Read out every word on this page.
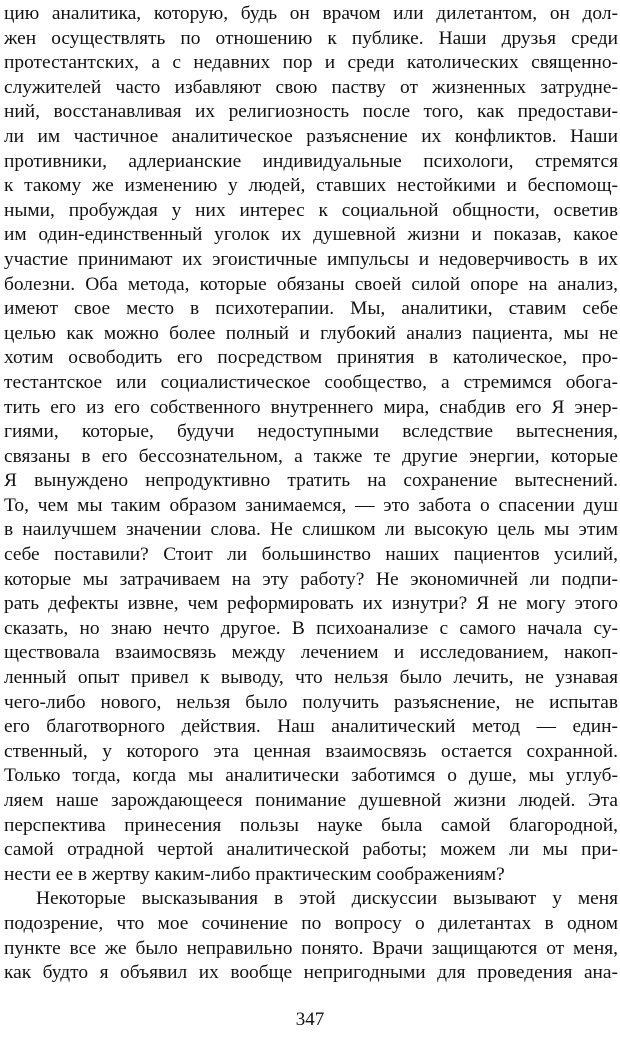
цию аналитика, которую, будь он врачом или дилетантом, он дол-
жен осуществлять по отношению к публике. Наши друзья среди
протестантских, а с недавних пор и среди католических священно-
служителей часто избавляют свою паству от жизненных затрудне-
ний, восстанавливая их религиозность после того, как предостави-
ли им частичное аналитическое разъяснение их конфликтов. Наши
противники, адлерианские индивидуальные психологи, стремятся
к такому же изменению у людей, ставших нестойкими и беспомощ-
ными, пробуждая у них интерес к социальной общности, осветив
им один-единственный уголок их душевной жизни и показав, какое
участие принимают их эгоистичные импульсы и недоверчивость в их
болезни. Оба метода, которые обязаны своей силой опоре на анализ,
имеют свое место в психотерапии. Мы, аналитики, ставим себе
целью как можно более полный и глубокий анализ пациента, мы не
хотим освободить его посредством принятия в католическое, про-
тестантское или социалистическое сообщество, а стремимся обога-
тить его из его собственного внутреннего мира, снабдив его Я энер-
гиями, которые, будучи недоступными вследствие вытеснения,
связаны в его бессознательном, а также те другие энергии, которые
Я вынуждено непродуктивно тратить на сохранение вытеснений.
То, чем мы таким образом занимаемся, — это забота о спасении душ
в наилучшем значении слова. Не слишком ли высокую цель мы этим
себе поставили? Стоит ли большинство наших пациентов усилий,
которые мы затрачиваем на эту работу? Не экономичней ли подпи-
рать дефекты извне, чем реформировать их изнутри? Я не могу этого
сказать, но знаю нечто другое. В психоанализе с самого начала су-
ществовала взаимосвязь между лечением и исследованием, накоп-
ленный опыт привел к выводу, что нельзя было лечить, не узнавая
чего-либо нового, нельзя было получить разъяснение, не испытав
его благотворного действия. Наш аналитический метод — един-
ственный, у которого эта ценная взаимосвязь остается сохранной.
Только тогда, когда мы аналитически заботимся о душе, мы углуб-
ляем наше зарождающееся понимание душевной жизни людей. Эта
перспектива принесения пользы науке была самой благородной,
самой отрадной чертой аналитической работы; можем ли мы при-
нести ее в жертву каким-либо практическим соображениям?
Некоторые высказывания в этой дискуссии вызывают у меня
подозрение, что мое сочинение по вопросу о дилетантах в одном
пункте все же было неправильно понято. Врачи защищаются от меня,
как будто я объявил их вообще непригодными для проведения ана-
347
